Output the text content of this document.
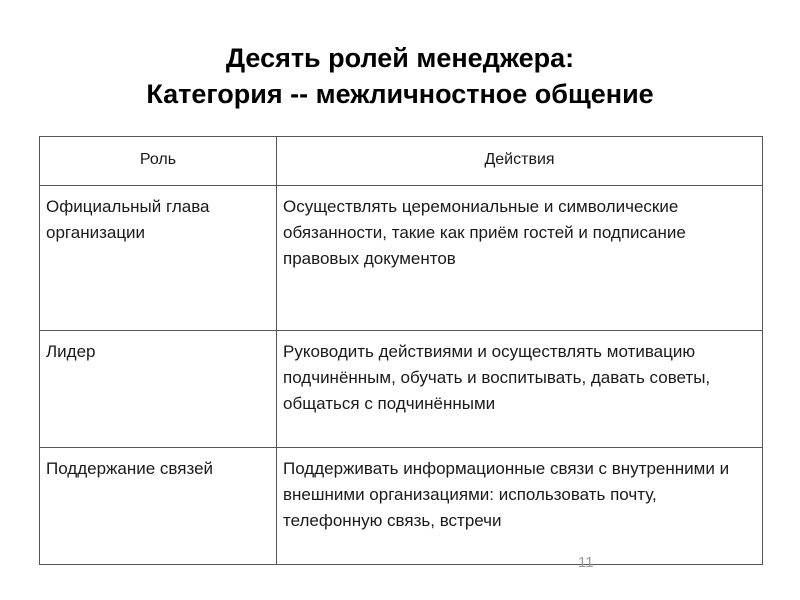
Десять ролей менеджера:
Категория -- межличностное общение
Роль	Действия
Официальный глава организации	Осуществлять церемониальные и символические обязанности, такие как приём гостей и подписание правовых документов
Лидер	Руководить действиями и осуществлять мотивацию подчинённым, обучать и воспитывать, давать советы, общаться с подчинёнными
Поддержание связей	Поддерживать информационные связи с внутренними и внешними организациями: использовать почту, телефонную связь, встречи
11
